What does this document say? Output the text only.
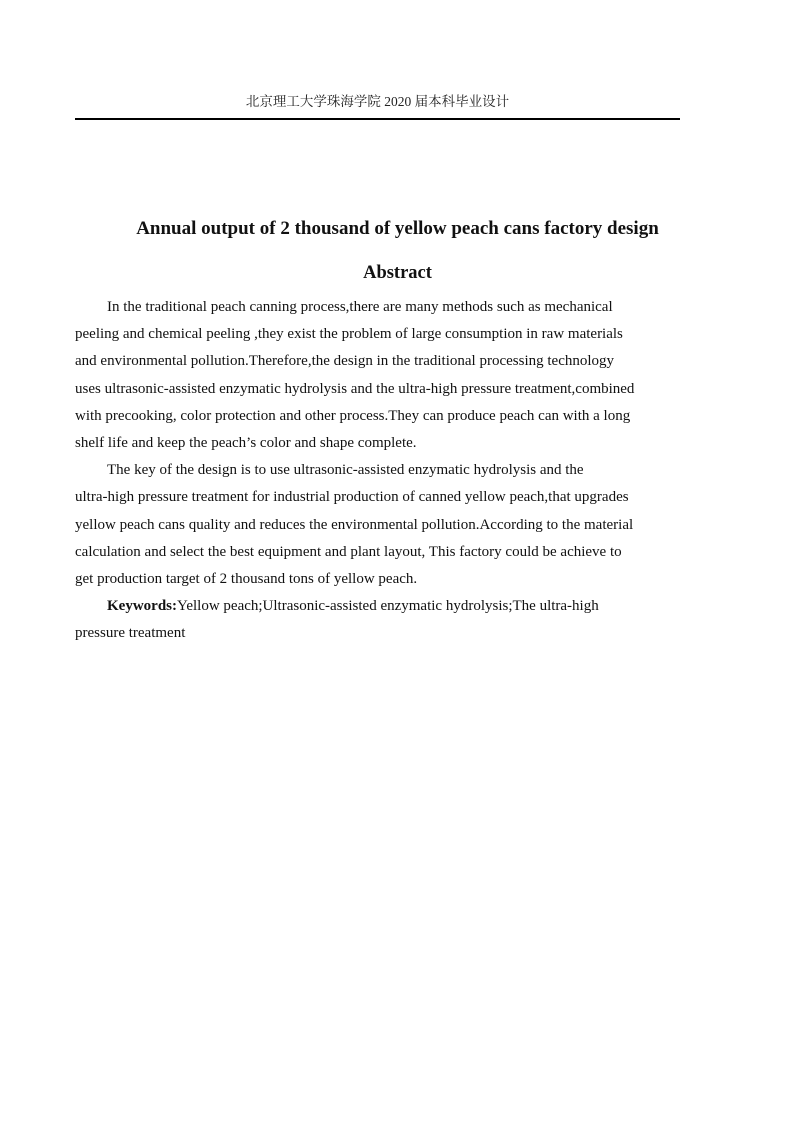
北京理工大学珠海学院 2020 届本科毕业设计
Annual output of 2 thousand of yellow peach cans factory design
Abstract

In the traditional peach canning process,there are many methods such as mechanical
peeling and chemical peeling ,they exist the problem of large consumption in raw materials
and environmental pollution.Therefore,the design in the traditional processing technology
uses ultrasonic-assisted enzymatic hydrolysis and the ultra-high pressure treatment,combined
with precooking, color protection and other process.They can produce peach can with a long
shelf life and keep the peach’s color and shape complete.

The key of the design is to use ultrasonic-assisted enzymatic hydrolysis and the
ultra-high pressure treatment for industrial production of canned yellow peach,that upgrades
yellow peach cans quality and reduces the environmental pollution.According to the material
calculation and select the best equipment and plant layout, This factory could be achieve to
get production target of 2 thousand tons of yellow peach.

Keywords:Yellow peach;Ultrasonic-assisted enzymatic hydrolysis;The ultra-high
pressure treatment
